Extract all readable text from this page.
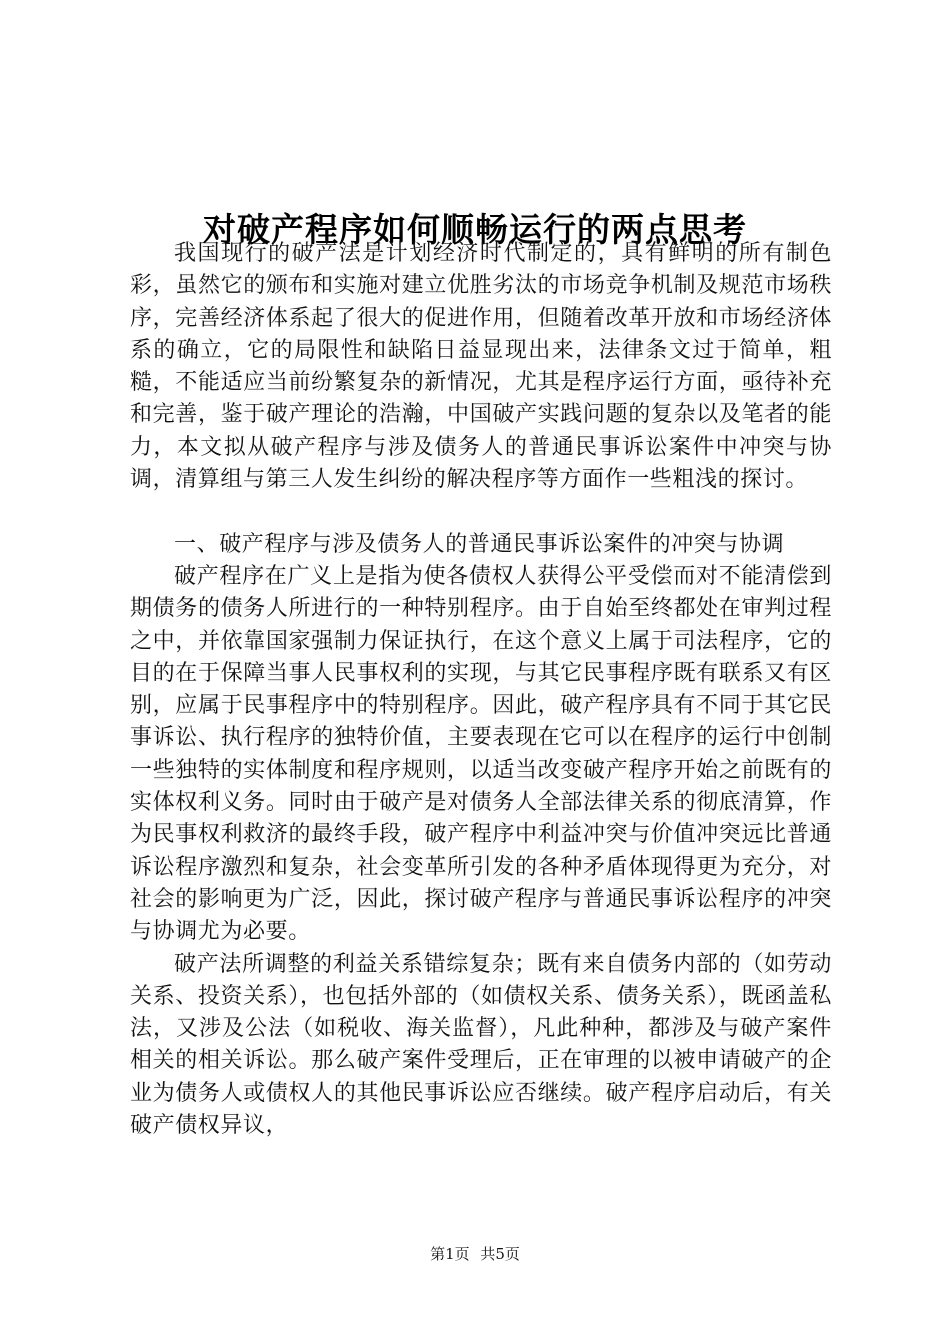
对破产程序如何顺畅运行的两点思考

我国现行的破产法是计划经济时代制定的，具有鲜明的所有制色彩，虽然它的颁布和实施对建立优胜劣汰的市场竞争机制及规范市场秩序，完善经济体系起了很大的促进作用，但随着改革开放和市场经济体系的确立，它的局限性和缺陷日益显现出来，法律条文过于简单，粗糙，不能适应当前纷繁复杂的新情况，尤其是程序运行方面，亟待补充和完善，鉴于破产理论的浩瀚，中国破产实践问题的复杂以及笔者的能力，本文拟从破产程序与涉及债务人的普通民事诉讼案件中冲突与协调，清算组与第三人发生纠纷的解决程序等方面作一些粗浅的探讨。

一、破产程序与涉及债务人的普通民事诉讼案件的冲突与协调

破产程序在广义上是指为使各债权人获得公平受偿而对不能清偿到期债务的债务人所进行的一种特别程序。由于自始至终都处在审判过程之中，并依靠国家强制力保证执行，在这个意义上属于司法程序，它的目的在于保障当事人民事权利的实现，与其它民事程序既有联系又有区别，应属于民事程序中的特别程序。因此，破产程序具有不同于其它民事诉讼、执行程序的独特价值，主要表现在它可以在程序的运行中创制一些独特的实体制度和程序规则，以适当改变破产程序开始之前既有的实体权利义务。同时由于破产是对债务人全部法律关系的彻底清算，作为民事权利救济的最终手段，破产程序中利益冲突与价值冲突远比普通诉讼程序激烈和复杂，社会变革所引发的各种矛盾体现得更为充分，对社会的影响更为广泛，因此，探讨破产程序与普通民事诉讼程序的冲突与协调尤为必要。

破产法所调整的利益关系错综复杂；既有来自债务内部的（如劳动关系、投资关系），也包括外部的（如债权关系、债务关系），既函盖私法，又涉及公法（如税收、海关监督），凡此种种，都涉及与破产案件相关的相关诉讼。那么破产案件受理后，正在审理的以被申请破产的企业为债务人或债权人的其他民事诉讼应否继续。破产程序启动后，有关破产债权异议，

第1页 共5页
